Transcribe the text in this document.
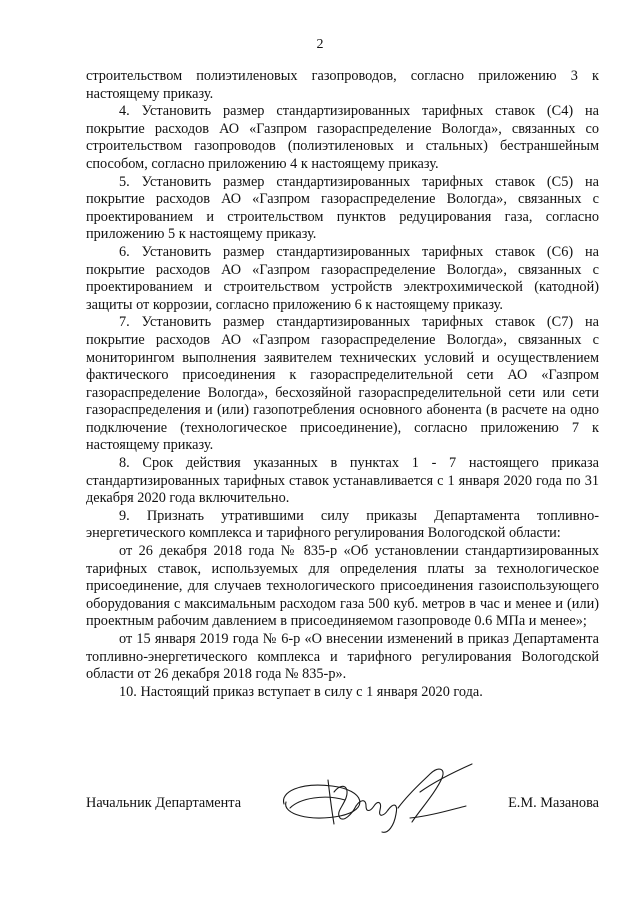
2

строительством полиэтиленовых газопроводов, согласно приложению 3 к настоящему приказу.

4. Установить размер стандартизированных тарифных ставок (С4) на покрытие расходов АО «Газпром газораспределение Вологда», связанных со строительством газопроводов (полиэтиленовых и стальных) бестраншейным способом, согласно приложению 4 к настоящему приказу.

5. Установить размер стандартизированных тарифных ставок (С5) на покрытие расходов АО «Газпром газораспределение Вологда», связанных с проектированием и строительством пунктов редуцирования газа, согласно приложению 5 к настоящему приказу.

6. Установить размер стандартизированных тарифных ставок (С6) на покрытие расходов АО «Газпром газораспределение Вологда», связанных с проектированием и строительством устройств электрохимической (катодной) защиты от коррозии, согласно приложению 6 к настоящему приказу.

7. Установить размер стандартизированных тарифных ставок (С7) на покрытие расходов АО «Газпром газораспределение Вологда», связанных с мониторингом выполнения заявителем технических условий и осуществлением фактического присоединения к газораспределительной сети АО «Газпром газораспределение Вологда», бесхозяйной газораспределительной сети или сети газораспределения и (или) газопотребления основного абонента (в расчете на одно подключение (технологическое присоединение), согласно приложению 7 к настоящему приказу.

8. Срок действия указанных в пунктах 1 - 7 настоящего приказа стандартизированных тарифных ставок устанавливается с 1 января 2020 года по 31 декабря 2020 года включительно.

9. Признать утратившими силу приказы Департамента топливно-энергетического комплекса и тарифного регулирования Вологодской области:

от 26 декабря 2018 года № 835-р «Об установлении стандартизированных тарифных ставок, используемых для определения платы за технологическое присоединение, для случаев технологического присоединения газоиспользующего оборудования с максимальным расходом газа 500 куб. метров в час и менее и (или) проектным рабочим давлением в присоединяемом газопроводе 0.6 МПа и менее»;

от 15 января 2019 года № 6-р «О внесении изменений в приказ Департамента топливно-энергетического комплекса и тарифного регулирования Вологодской области от 26 декабря 2018 года № 835-р».

10. Настоящий приказ вступает в силу с 1 января 2020 года.

Начальник Департамента	Е.М. Мазанова
